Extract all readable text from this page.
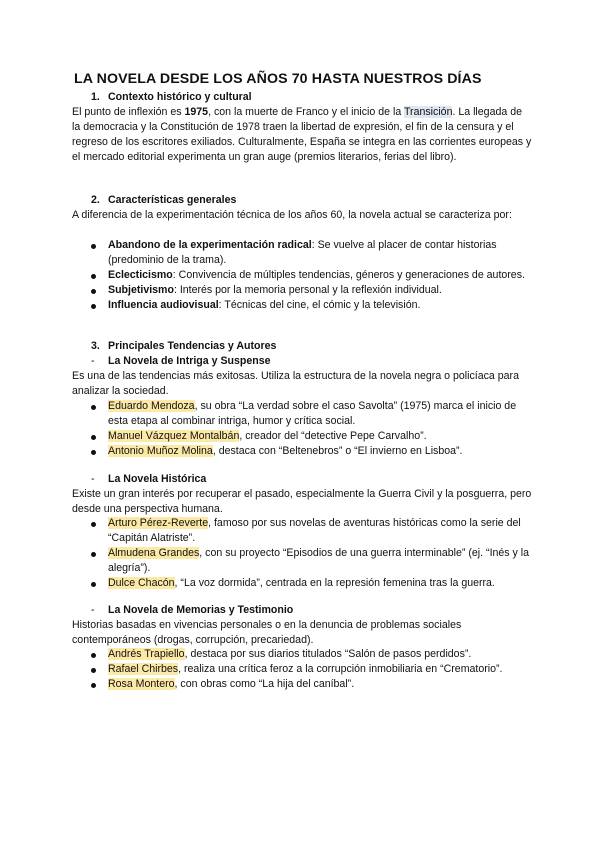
LA NOVELA DESDE LOS AÑOS 70 HASTA NUESTROS DÍAS
1. Contexto histórico y cultural

El punto de inflexión es 1975, con la muerte de Franco y el inicio de la Transición. La llegada de la democracia y la Constitución de 1978 traen la libertad de expresión, el fin de la censura y el regreso de los escritores exiliados. Culturalmente, España se integra en las corrientes europeas y el mercado editorial experimenta un gran auge (premios literarios, ferias del libro).

2. Características generales

A diferencia de la experimentación técnica de los años 60, la novela actual se caracteriza por:

Abandono de la experimentación radical: Se vuelve al placer de contar historias (predominio de la trama).
Eclecticismo: Convivencia de múltiples tendencias, géneros y generaciones de autores.
Subjetivismo: Interés por la memoria personal y la reflexión individual.
Influencia audiovisual: Técnicas del cine, el cómic y la televisión.
3. Principales Tendencias y Autores
- La Novela de Intriga y Suspense

Es una de las tendencias más exitosas. Utiliza la estructura de la novela negra o policíaca para analizar la sociedad.

Eduardo Mendoza, su obra “La verdad sobre el caso Savolta” (1975) marca el inicio de esta etapa al combinar intriga, humor y crítica social.
Manuel Vázquez Montalbán, creador del “detective Pepe Carvalho”.
Antonio Muñoz Molina, destaca con “Beltenebros” o “El invierno en Lisboa”.
- La Novela Histórica

Existe un gran interés por recuperar el pasado, especialmente la Guerra Civil y la posguerra, pero desde una perspectiva humana.

Arturo Pérez-Reverte, famoso por sus novelas de aventuras históricas como la serie del “Capitán Alatriste”.
Almudena Grandes, con su proyecto “Episodios de una guerra interminable” (ej. “Inés y la alegría”).
Dulce Chacón, “La voz dormida”, centrada en la represión femenina tras la guerra.
- La Novela de Memorias y Testimonio

Historias basadas en vivencias personales o en la denuncia de problemas sociales contemporáneos (drogas, corrupción, precariedad).

Andrés Trapiello, destaca por sus diarios titulados “Salón de pasos perdidos”.
Rafael Chirbes, realiza una crítica feroz a la corrupción inmobiliaria en “Crematorio”.
Rosa Montero, con obras como “La hija del caníbal”.
